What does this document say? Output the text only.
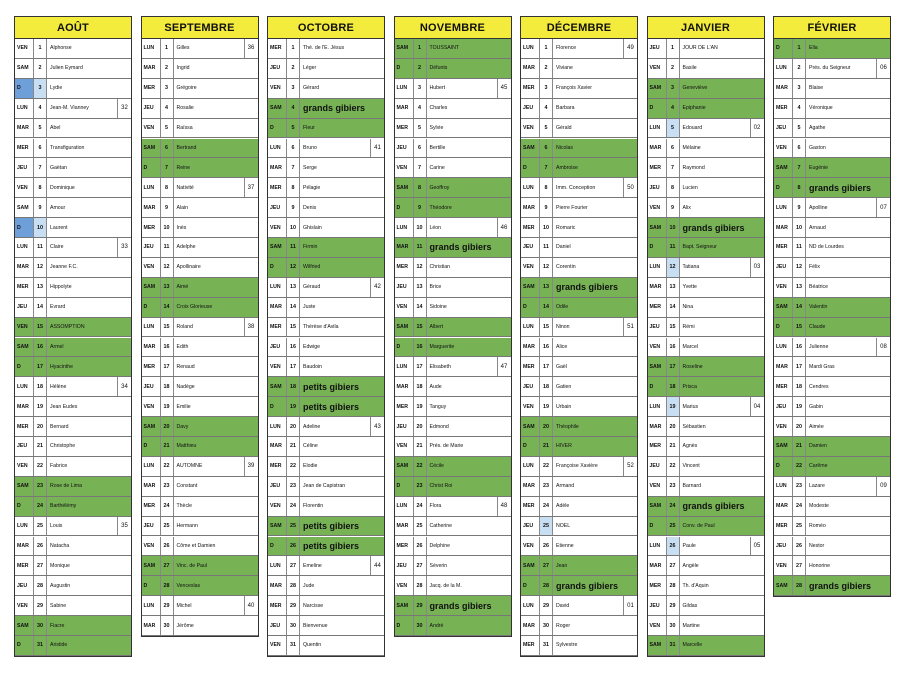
AOÛT
VEN	1	Alphonse
SAM	2	Julien Eymard
D	3	Lydie
LUN	4	Jean-M. Vianney	32
MAR	5	Abel
MER	6	Transfiguration
JEU	7	Gaëtan
VEN	8	Dominique
SAM	9	Amour
D	10	Laurent
LUN	11	Claire	33
MAR	12	Jeanne F.C.
MER	13	Hippolyte
JEU	14	Evrard
VEN	15	ASSOMPTION
SAM	16	Armel
D	17	Hyacinthe
LUN	18	Hélène	34
MAR	19	Jean Eudes
MER	20	Bernard
JEU	21	Christophe
VEN	22	Fabrice
SAM	23	Rose de Lima
D	24	Barthélémy
LUN	25	Louis	35
MAR	26	Natacha
MER	27	Monique
JEU	28	Augustin
VEN	29	Sabine
SAM	30	Fiacre
D	31	Aristide
SEPTEMBRE
LUN	1	Gilles	36
MAR	2	Ingrid
MER	3	Grégoire
JEU	4	Rosalie
VEN	5	Raïssa
SAM	6	Bertrand
D	7	Reine
LUN	8	Nativité	37
MAR	9	Alain
MER	10	Inès
JEU	11	Adelphe
VEN	12	Apollinaire
SAM	13	Aimé
D	14	Croix Glorieuse
LUN	15	Roland	38
MAR	16	Edith
MER	17	Renaud
JEU	18	Nadège
VEN	19	Emilie
SAM	20	Davy
D	21	Matthieu
LUN	22	AUTOMNE	39
MAR	23	Constant
MER	24	Thècle
JEU	25	Hermann
VEN	26	Côme et Damien
SAM	27	Vinc. de Paul
D	28	Venceslas
LUN	29	Michel	40
MAR	30	Jérôme
OCTOBRE
MER	1	Thé. de l'E. Jésus
JEU	2	Léger
VEN	3	Gérard
SAM	4 grands gibiers
D	5	Fleur
LUN	6	Bruno	41
MAR	7	Serge
MER	8	Pélagie
JEU	9	Denis
VEN	10	Ghislain
SAM	11	Firmin
D	12	Wilfried
LUN	13	Géraud	42
MAR	14	Juste
MER	15	Thérèse d'Avila
JEU	16	Edwige
VEN	17	Baudoin
SAM	18 petits gibiers
D	19 petits gibiers
LUN	20	Adeline	43
MAR	21	Céline
MER	22	Elodie
JEU	23	Jean de Capistran
VEN	24	Florentin
SAM	25 petits gibiers
D	26 petits gibiers
LUN	27	Emeline	44
MAR	28	Jude
MER	29	Narcisse
JEU	30	Bienvenue
VEN	31	Quentin
NOVEMBRE
SAM	1	TOUSSAINT
D	2	Défunts
LUN	3	Hubert	45
MAR	4	Charles
MER	5	Sylvie
JEU	6	Bertille
VEN	7	Carine
SAM	8	Geoffroy
D	9	Théodore
LUN	10	Léon	46
MAR	11 grands gibiers
MER	12	Christian
JEU	13	Brice
VEN	14	Sidoine
SAM	15	Albert
D	16	Marguerite
LUN	17	Elisabeth	47
MAR	18	Aude
MER	19	Tanguy
JEU	20	Edmond
VEN	21	Prés. de Marie
SAM	22	Cécile
D	23	Christ Roi
LUN	24	Flora	48
MAR	25	Catherine
MER	26	Delphine
JEU	27	Séverin
VEN	28	Jacq. de la M.
SAM	29 grands gibiers
D	30	André
DÉCEMBRE
LUN	1	Florence	49
MAR	2	Viviane
MER	3	François Xavier
JEU	4	Barbara
VEN	5	Gérald
SAM	6	Nicolas
D	7	Ambroise
LUN	8	Imm. Conception	50
MAR	9	Pierre Fourier
MER	10	Romaric
JEU	11	Daniel
VEN	12	Corentin
SAM	13 grands gibiers
D	14	Odile
LUN	15	Ninon	51
MAR	16	Alice
MER	17	Gaël
JEU	18	Gatien
VEN	19	Urbain
SAM	20	Théophile
D	21	HIVER
LUN	22	Françoise Xavière	52
MAR	23	Armand
MER	24	Adèle
JEU	25	NOËL
VEN	26	Etienne
SAM	27	Jean
D	28 grands gibiers
LUN	29	David	01
MAR	30	Roger
MER	31	Sylvestre
JANVIER
JEU	1	JOUR DE L'AN
VEN	2	Basile
SAM	3	Geneviève
D	4	Epiphanie
LUN	5	Edouard	02
MAR	6	Mélaine
MER	7	Raymond
JEU	8	Lucien
VEN	9	Alix
SAM	10 grands gibiers
D	11	Bapt. Seigneur
LUN	12	Tatiana	03
MAR	13	Yvette
MER	14	Nina
JEU	15	Rémi
VEN	16	Marcel
SAM	17	Roseline
D	18	Prisca
LUN	19	Marius	04
MAR	20	Sébastien
MER	21	Agnès
JEU	22	Vincent
VEN	23	Barnard
SAM	24 grands gibiers
D	25	Conv. de Paul
LUN	26	Paule	05
MAR	27	Angèle
MER	28	Th. d'Aquin
JEU	29	Gildas
VEN	30	Martine
SAM	31	Marcelle
FÉVRIER
D	1	Ella
LUN	2	Prés. du Seigneur	06
MAR	3	Blaise
MER	4	Véronique
JEU	5	Agathe
VEN	6	Gaston
SAM	7	Eugénie
D	8 grands gibiers
LUN	9	Apolline	07
MAR	10	Arnaud
MER	11	ND de Lourdes
JEU	12	Félix
VEN	13	Béatrice
SAM	14	Valentin
D	15	Claude
LUN	16	Julienne	08
MAR	17	Mardi Gras
MER	18	Cendres
JEU	19	Gabin
VEN	20	Aimée
SAM	21	Damien
D	22	Carême
LUN	23	Lazare	09
MAR	24	Modeste
MER	25	Roméo
JEU	26	Nestor
VEN	27	Honorine
SAM	28 grands gibiers
